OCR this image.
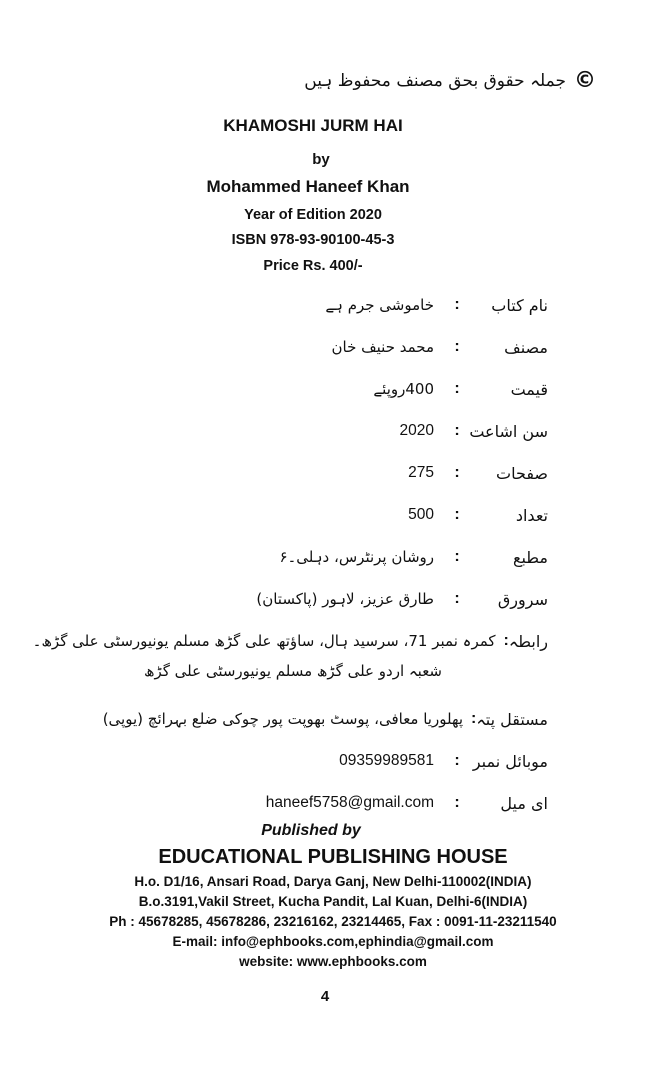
©
جملہ حقوق بحق مصنف محفوظ ہیں
KHAMOSHI JURM HAI
by
Mohammed Haneef Khan
Year of Edition 2020
ISBN 978-93-90100-45-3
Price Rs. 400/-
نام کتاب
:
خاموشی جرم ہے
مصنف
:
محمد حنیف خان
قیمت
:
400روپئے
سن اشاعت
:
2020
صفحات
:
275
تعداد
:
500
مطبع
:
روشان پرنٹرس، دہلی۔۶
سرورق
:
طارق عزیز، لاہور (پاکستان)
رابطہ
:
کمرہ نمبر 71، سرسید ہال، ساؤتھ علی گڑھ مسلم یونیورسٹی علی گڑھ۔
شعبہ اردو علی گڑھ مسلم یونیورسٹی علی گڑھ
مستقل پتہ
:
پھلوریا معافی، پوسٹ بھوپت پور چوکی ضلع بہرائچ (یوپی)
موبائل نمبر
:
09359989581
ای میل
:
haneef5758@gmail.com
Published by
EDUCATIONAL PUBLISHING HOUSE
H.o. D1/16, Ansari Road, Darya Ganj, New Delhi-110002(INDIA)
B.o.3191,Vakil Street, Kucha Pandit, Lal Kuan, Delhi-6(INDIA)
Ph : 45678285, 45678286, 23216162, 23214465, Fax : 0091-11-23211540
E-mail: info@ephbooks.com,ephindia@gmail.com
website: www.ephbooks.com
4
